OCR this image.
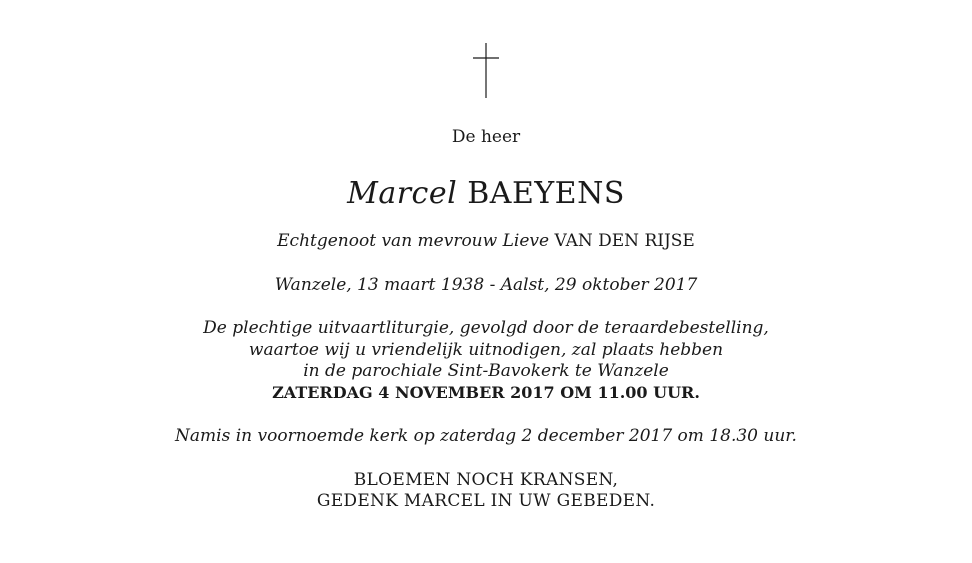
De heer
Marcel BAEYENS
Echtgenoot van mevrouw Lieve VAN DEN RIJSE
Wanzele, 13 maart 1938 - Aalst, 29 oktober 2017
De plechtige uitvaartliturgie, gevolgd door de teraardebestelling,
waartoe wij u vriendelijk uitnodigen, zal plaats hebben
in de parochiale Sint-Bavokerk te Wanzele
ZATERDAG 4 NOVEMBER 2017 OM 11.00 UUR.
Namis in voornoemde kerk op zaterdag 2 december 2017 om 18.30 uur.
BLOEMEN NOCH KRANSEN,
GEDENK MARCEL IN UW GEBEDEN.
